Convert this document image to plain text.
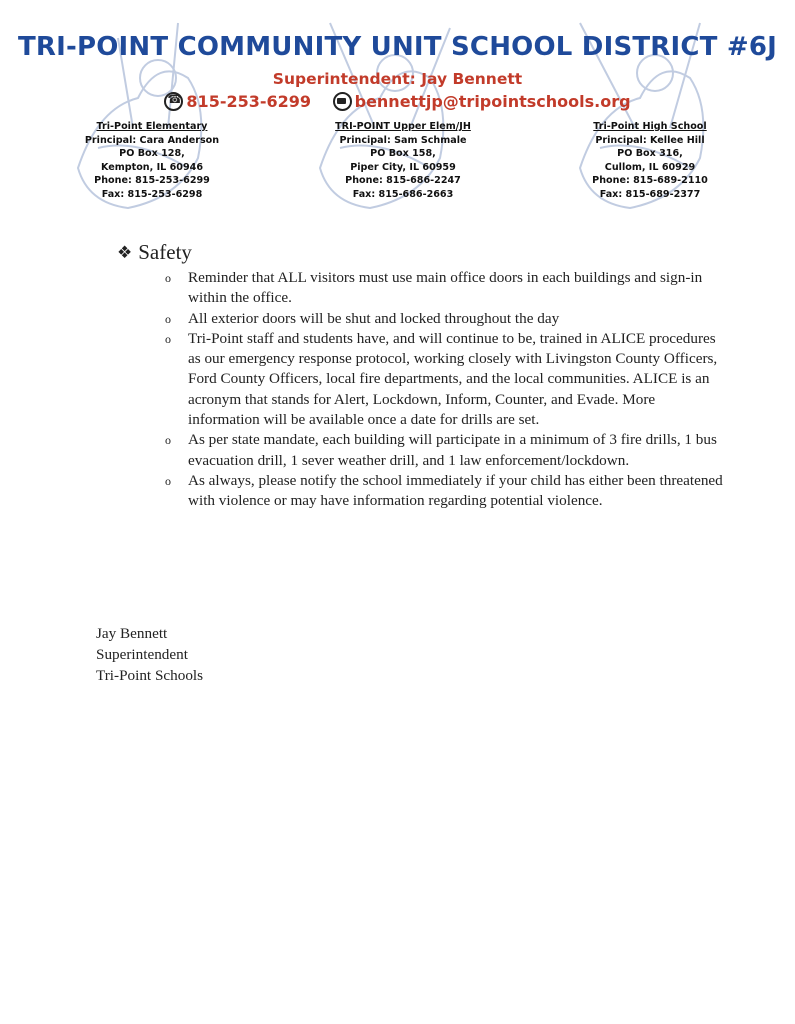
TRI-POINT COMMUNITY UNIT SCHOOL DISTRICT #6J
Superintendent: Jay Bennett
☎
815-253-6299
	bennettjp@tripointschools.org
Tri-Point Elementary
Principal: Cara Anderson
PO Box 128,
Kempton, IL 60946
Phone: 815-253-6299
Fax: 815-253-6298
TRI-POINT Upper Elem/JH
Principal: Sam Schmale
PO Box 158,
Piper City, IL 60959
Phone: 815-686-2247
Fax: 815-686-2663
Tri-Point High School
Principal: Kellee Hill
PO Box 316,
Cullom, IL 60929
Phone: 815-689-2110
Fax: 815-689-2377
❖ Safety
o Reminder that ALL visitors must use main office doors in each buildings and sign-in within the office.
o All exterior doors will be shut and locked throughout the day
o Tri-Point staff and students have, and will continue to be, trained in ALICE procedures as our emergency response protocol, working closely with Livingston County Officers, Ford County Officers, local fire departments, and the local communities. ALICE is an acronym that stands for Alert, Lockdown, Inform, Counter, and Evade. More information will be available once a date for drills are set.
o As per state mandate, each building will participate in a minimum of 3 fire drills, 1 bus evacuation drill, 1 sever weather drill, and 1 law enforcement/lockdown.
o As always, please notify the school immediately if your child has either been threatened with violence or may have information regarding potential violence.
Jay Bennett
Superintendent
Tri-Point Schools
